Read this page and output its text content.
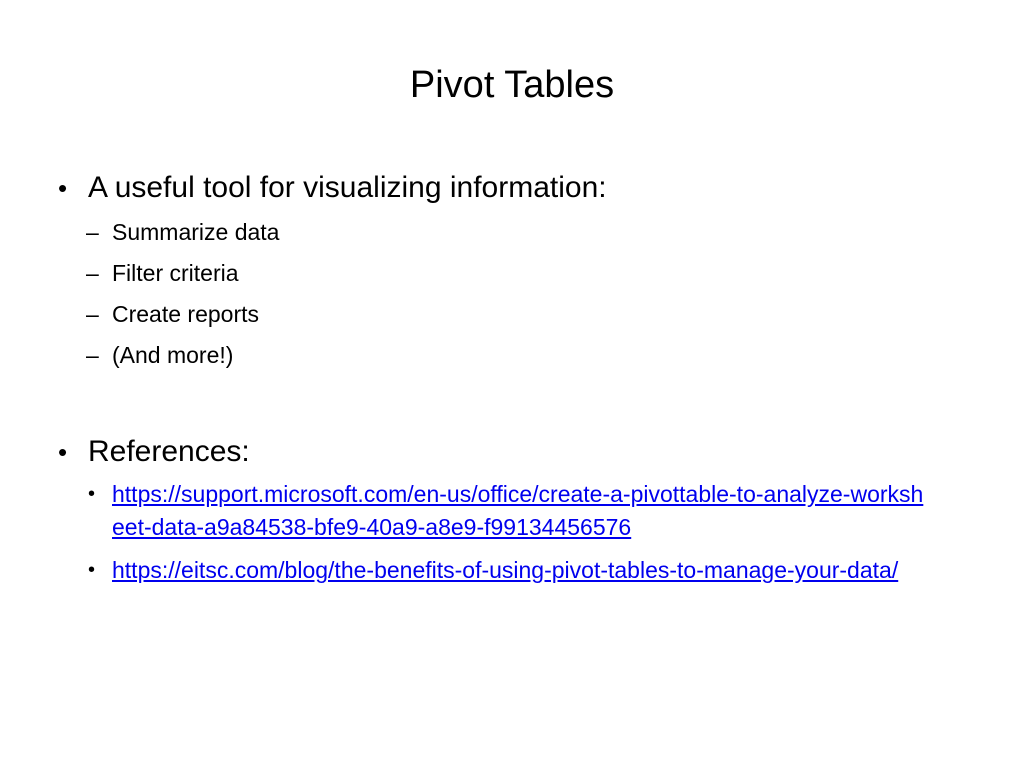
Pivot Tables
• A useful tool for visualizing information:
– Summarize data
– Filter criteria
– Create reports
– (And more!)
• References:
• https://support.microsoft.com/en-us/office/create-a-pivottable-to-analyze-worksheet-data-a9a84538-bfe9-40a9-a8e9-f99134456576
• https://eitsc.com/blog/the-benefits-of-using-pivot-tables-to-manage-your-data/
